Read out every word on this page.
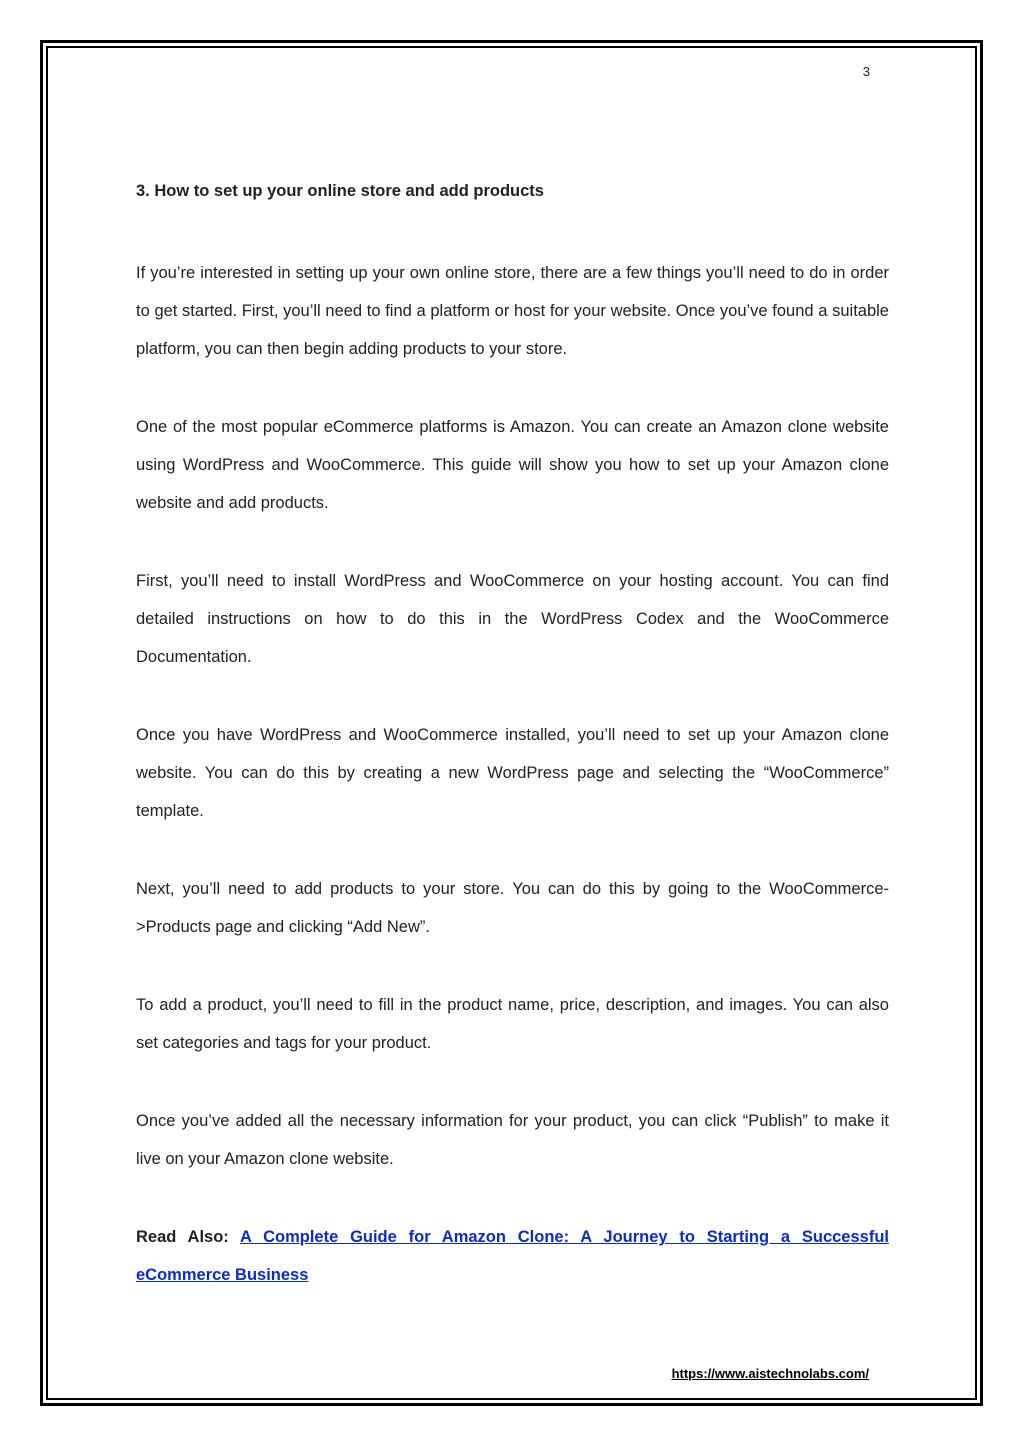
3
3. How to set up your online store and add products

If you’re interested in setting up your own online store, there are a few things you’ll need to do in order to get started. First, you’ll need to find a platform or host for your website. Once you’ve found a suitable platform, you can then begin adding products to your store.

One of the most popular eCommerce platforms is Amazon. You can create an Amazon clone website using WordPress and WooCommerce. This guide will show you how to set up your Amazon clone website and add products.

First, you’ll need to install WordPress and WooCommerce on your hosting account. You can find detailed instructions on how to do this in the WordPress Codex and the WooCommerce Documentation.

Once you have WordPress and WooCommerce installed, you’ll need to set up your Amazon clone website. You can do this by creating a new WordPress page and selecting the “WooCommerce” template.

Next, you’ll need to add products to your store. You can do this by going to the WooCommerce->Products page and clicking “Add New”.

To add a product, you’ll need to fill in the product name, price, description, and images. You can also set categories and tags for your product.

Once you’ve added all the necessary information for your product, you can click “Publish” to make it live on your Amazon clone website.

Read Also: A Complete Guide for Amazon Clone: A Journey to Starting a Successful eCommerce Business

https://www.aistechnolabs.com/
